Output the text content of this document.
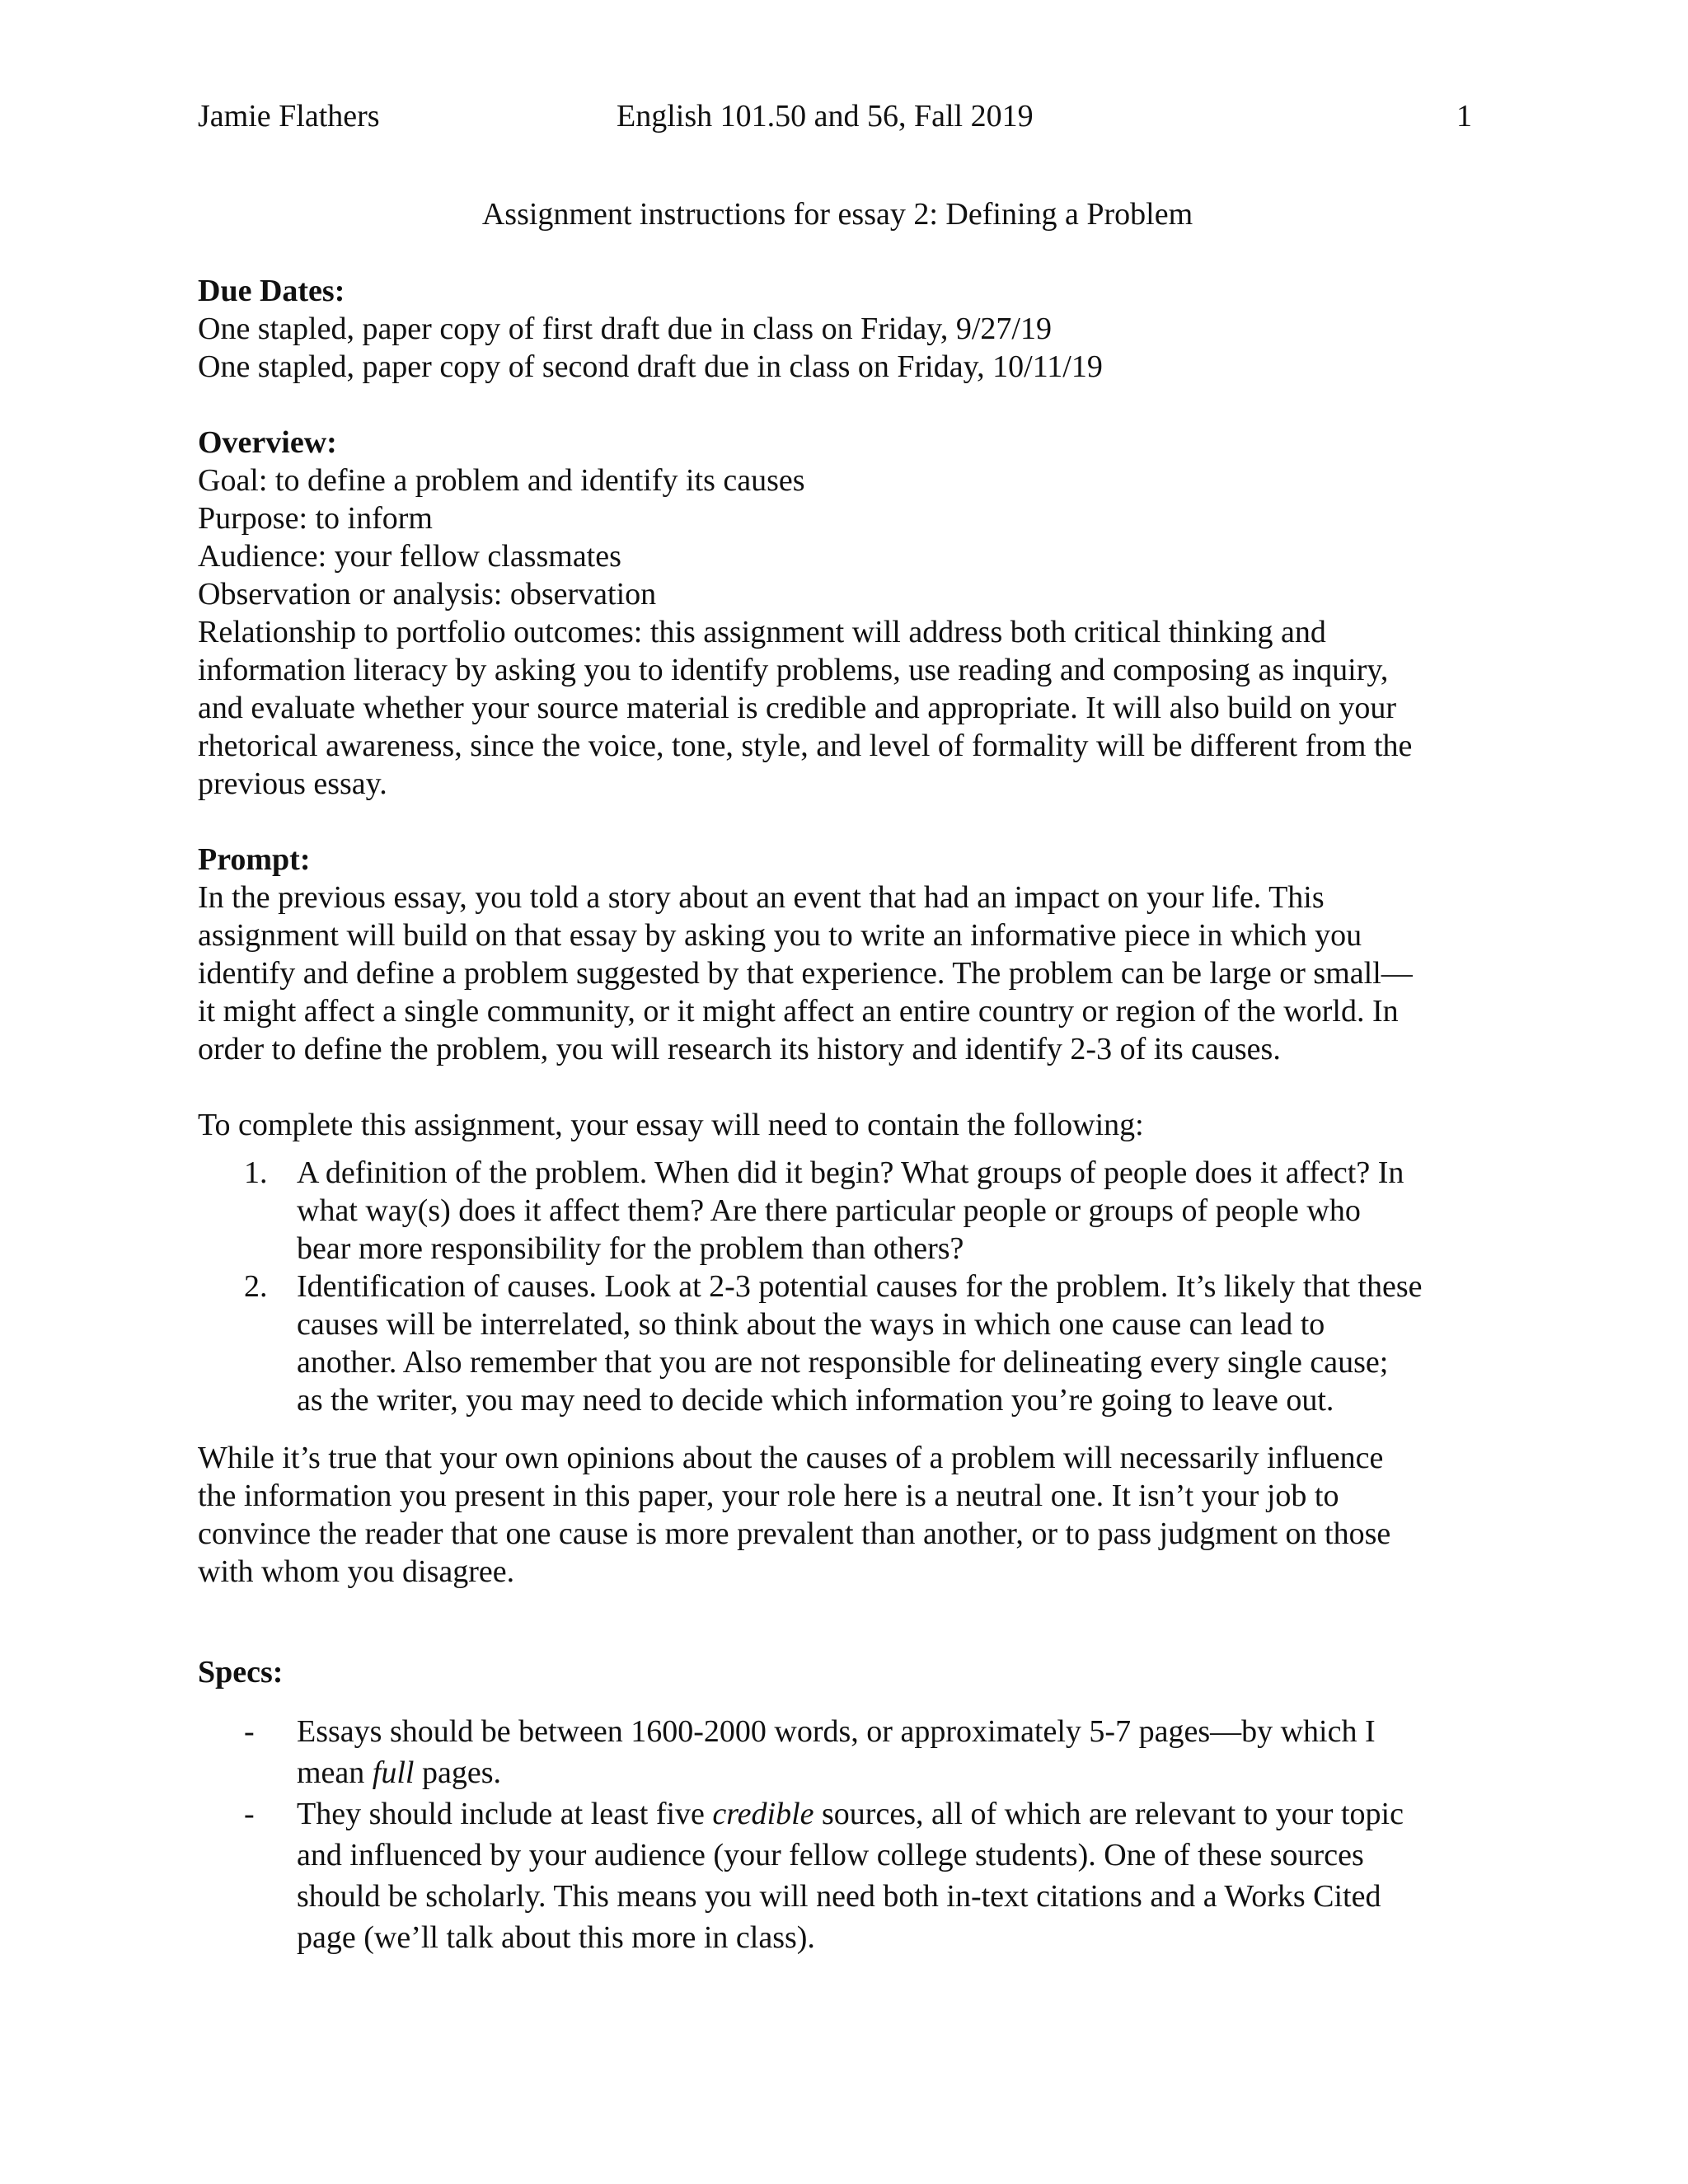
Jamie Flathers	English 101.50 and 56, Fall 2019	1
Assignment instructions for essay 2: Defining a Problem

Due Dates:

One stapled, paper copy of first draft due in class on Friday, 9/27/19

One stapled, paper copy of second draft due in class on Friday, 10/11/19

Overview:

Goal: to define a problem and identify its causes

Purpose: to inform

Audience: your fellow classmates

Observation or analysis: observation

Relationship to portfolio outcomes: this assignment will address both critical thinking and

information literacy by asking you to identify problems, use reading and composing as inquiry,

and evaluate whether your source material is credible and appropriate. It will also build on your

rhetorical awareness, since the voice, tone, style, and level of formality will be different from the

previous essay.

Prompt:

In the previous essay, you told a story about an event that had an impact on your life. This

assignment will build on that essay by asking you to write an informative piece in which you

identify and define a problem suggested by that experience. The problem can be large or small—

it might affect a single community, or it might affect an entire country or region of the world. In

order to define the problem, you will research its history and identify 2-3 of its causes.

To complete this assignment, your essay will need to contain the following:

1. A definition of the problem. When did it begin? What groups of people does it affect? In

what way(s) does it affect them? Are there particular people or groups of people who

bear more responsibility for the problem than others?

2. Identification of causes. Look at 2-3 potential causes for the problem. It’s likely that these

causes will be interrelated, so think about the ways in which one cause can lead to

another. Also remember that you are not responsible for delineating every single cause;

as the writer, you may need to decide which information you’re going to leave out.

While it’s true that your own opinions about the causes of a problem will necessarily influence

the information you present in this paper, your role here is a neutral one. It isn’t your job to

convince the reader that one cause is more prevalent than another, or to pass judgment on those

with whom you disagree.

Specs:

- Essays should be between 1600-2000 words, or approximately 5-7 pages—by which I

mean full pages.

- They should include at least five credible sources, all of which are relevant to your topic

and influenced by your audience (your fellow college students). One of these sources

should be scholarly. This means you will need both in-text citations and a Works Cited

page (we’ll talk about this more in class).
